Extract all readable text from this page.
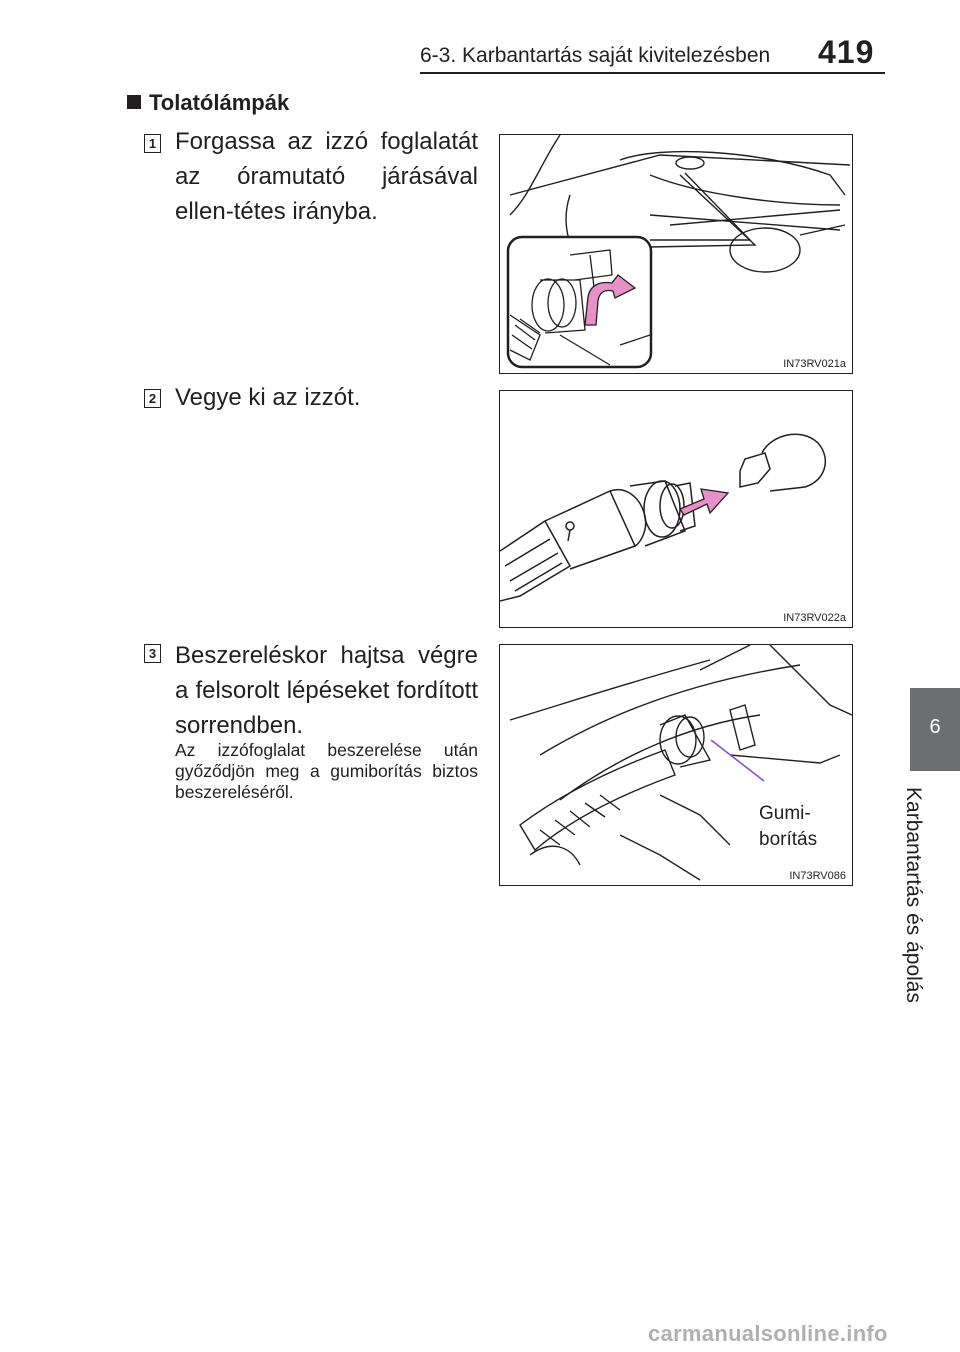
6-3. Karbantartás saját kivitelezésben	419
6
Karbantartás és ápolás
Tolatólámpák
1 Forgassa az izzó foglalatát az óramutató járásával ellen-tétes irányba.
2 Vegye ki az izzót.
3 Beszereléskor hajtsa végre a felsorolt lépéseket fordított sorrendben.
Az izzófoglalat beszerelése után győződjön meg a gumiborítás biztos beszereléséről.
IN73RV021a
IN73RV022a
Gumi-
borítás
IN73RV086
carmanualsonline.info
